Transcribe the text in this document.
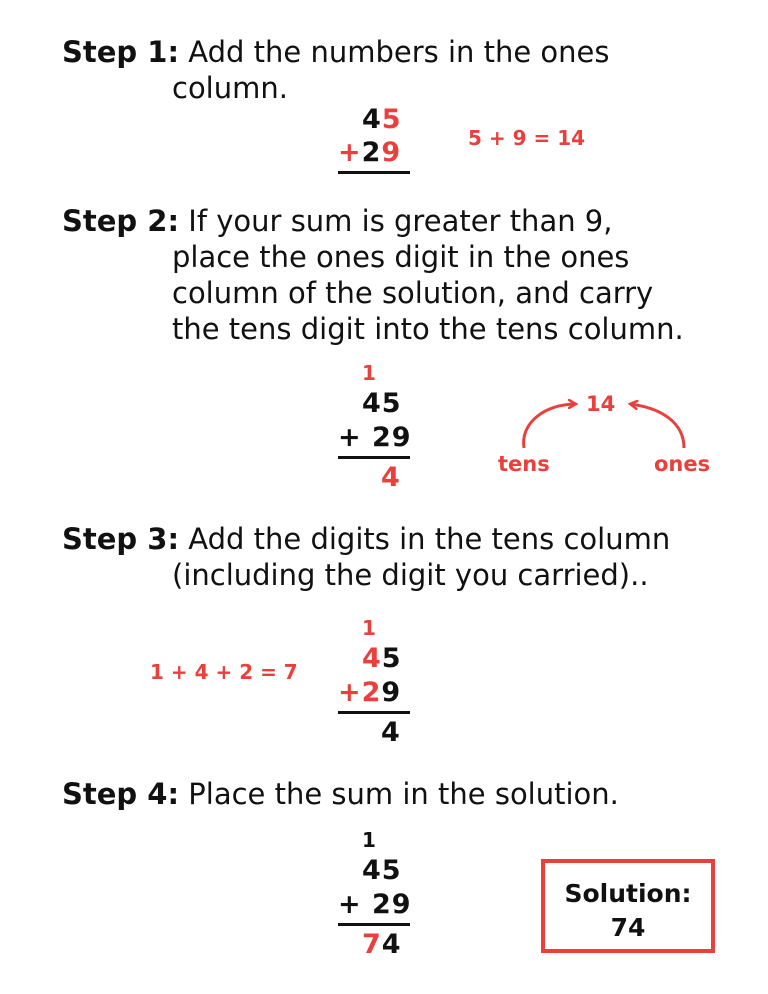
Step 1: Add the numbers in the ones
column.
45
+29	5 + 9 = 14
Step 2: If your sum is greater than 9,
place the ones digit in the ones
column of the solution, and carry
the tens digit into the tens column.
1
45
+ 29
4
14
tens	ones
Step 3: Add the digits in the tens column
(including the digit you carried)..
1
45
+29
4
1 + 4 + 2 = 7
Step 4: Place the sum in the solution.
1
45
+ 29
74
Solution:
74
